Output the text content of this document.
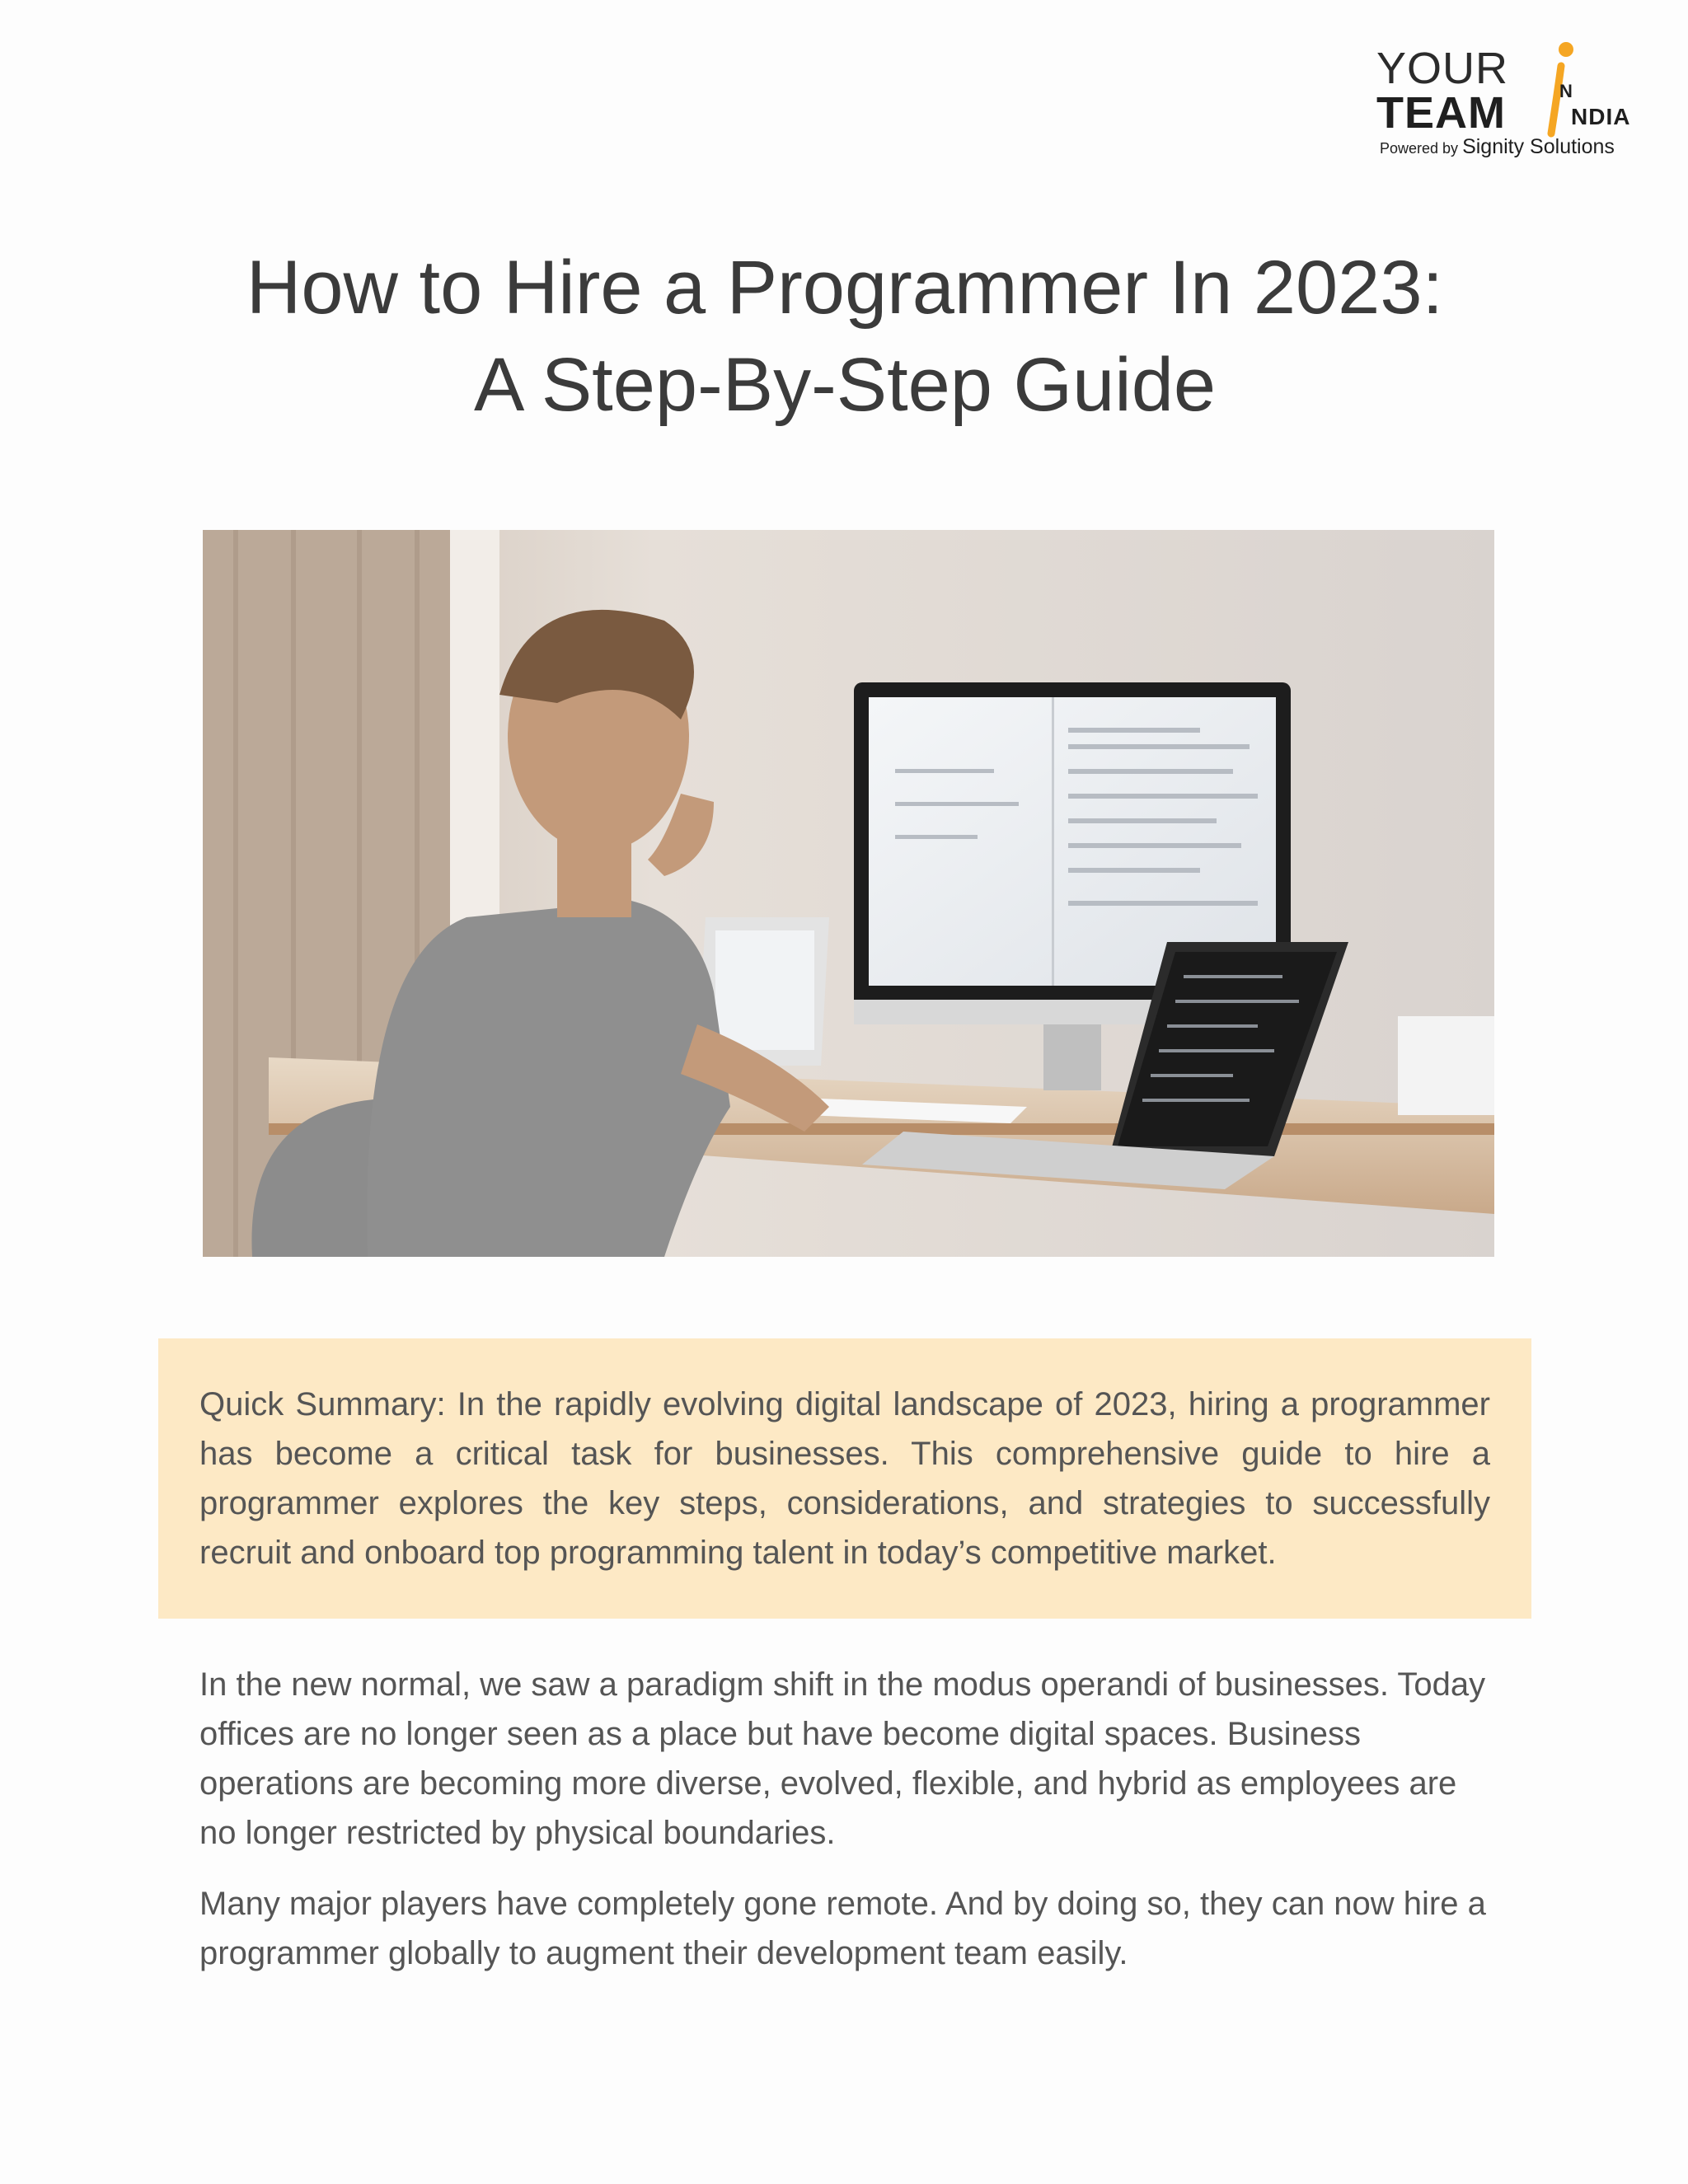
YOUR
TEAM	N
NDIA
Powered by Signity Solutions
How to Hire a Programmer In 2023:
A Step-By-Step Guide

Quick Summary: In the rapidly evolving digital landscape of 2023, hiring a programmer has become a critical task for businesses. This comprehensive guide to hire a programmer explores the key steps, considerations, and strategies to successfully recruit and onboard top programming talent in today’s competitive market.

In the new normal, we saw a paradigm shift in the modus operandi of businesses. Today offices are no longer seen as a place but have become digital spaces. Business operations are becoming more diverse, evolved, flexible, and hybrid as employees are no longer restricted by physical boundaries.

Many major players have completely gone remote. And by doing so, they can now hire a programmer globally to augment their development team easily.
